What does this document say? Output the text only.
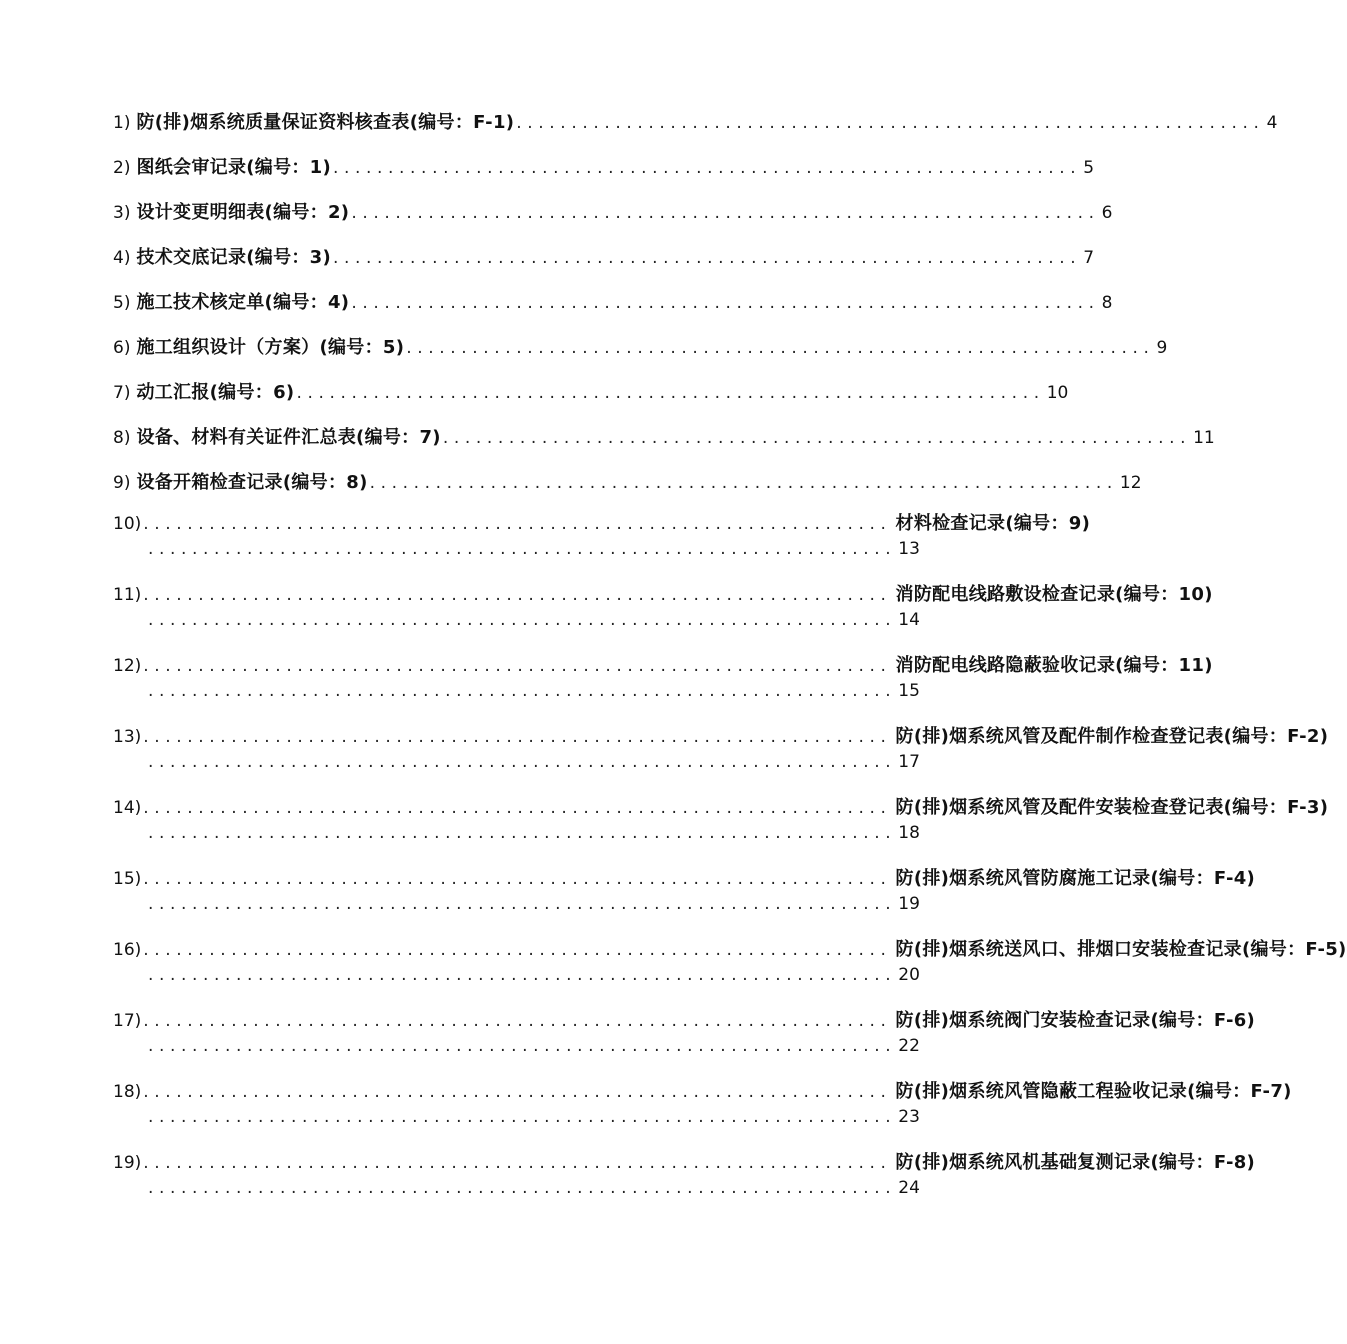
1) 防(排)烟系统质量保证资料核查表(编号：F-1) .................................................................... 4
2) 图纸会审记录(编号：1) .................................................................... 5
3) 设计变更明细表(编号：2) .................................................................... 6
4) 技术交底记录(编号：3) .................................................................... 7
5) 施工技术核定单(编号：4) .................................................................... 8
6) 施工组织设计（方案）(编号：5) .................................................................... 9
7) 动工汇报(编号：6) .................................................................... 10
8) 设备、材料有关证件汇总表(编号：7) .................................................................... 11
9) 设备开箱检查记录(编号：8) .................................................................... 12
10) .................................................................... 材料检查记录(编号：9)
.................................................................... 13
11) .................................................................... 消防配电线路敷设检查记录(编号：10)
.................................................................... 14
12) .................................................................... 消防配电线路隐蔽验收记录(编号：11)
.................................................................... 15
13) .................................................................... 防(排)烟系统风管及配件制作检查登记表(编号：F-2)
.................................................................... 17
14) .................................................................... 防(排)烟系统风管及配件安装检查登记表(编号：F-3)
.................................................................... 18
15) .................................................................... 防(排)烟系统风管防腐施工记录(编号：F-4)
.................................................................... 19
16) .................................................................... 防(排)烟系统送风口、排烟口安装检查记录(编号：F-5)
.................................................................... 20
17) .................................................................... 防(排)烟系统阀门安装检查记录(编号：F-6)
.................................................................... 22
18) .................................................................... 防(排)烟系统风管隐蔽工程验收记录(编号：F-7)
.................................................................... 23
19) .................................................................... 防(排)烟系统风机基础复测记录(编号：F-8)
.................................................................... 24
